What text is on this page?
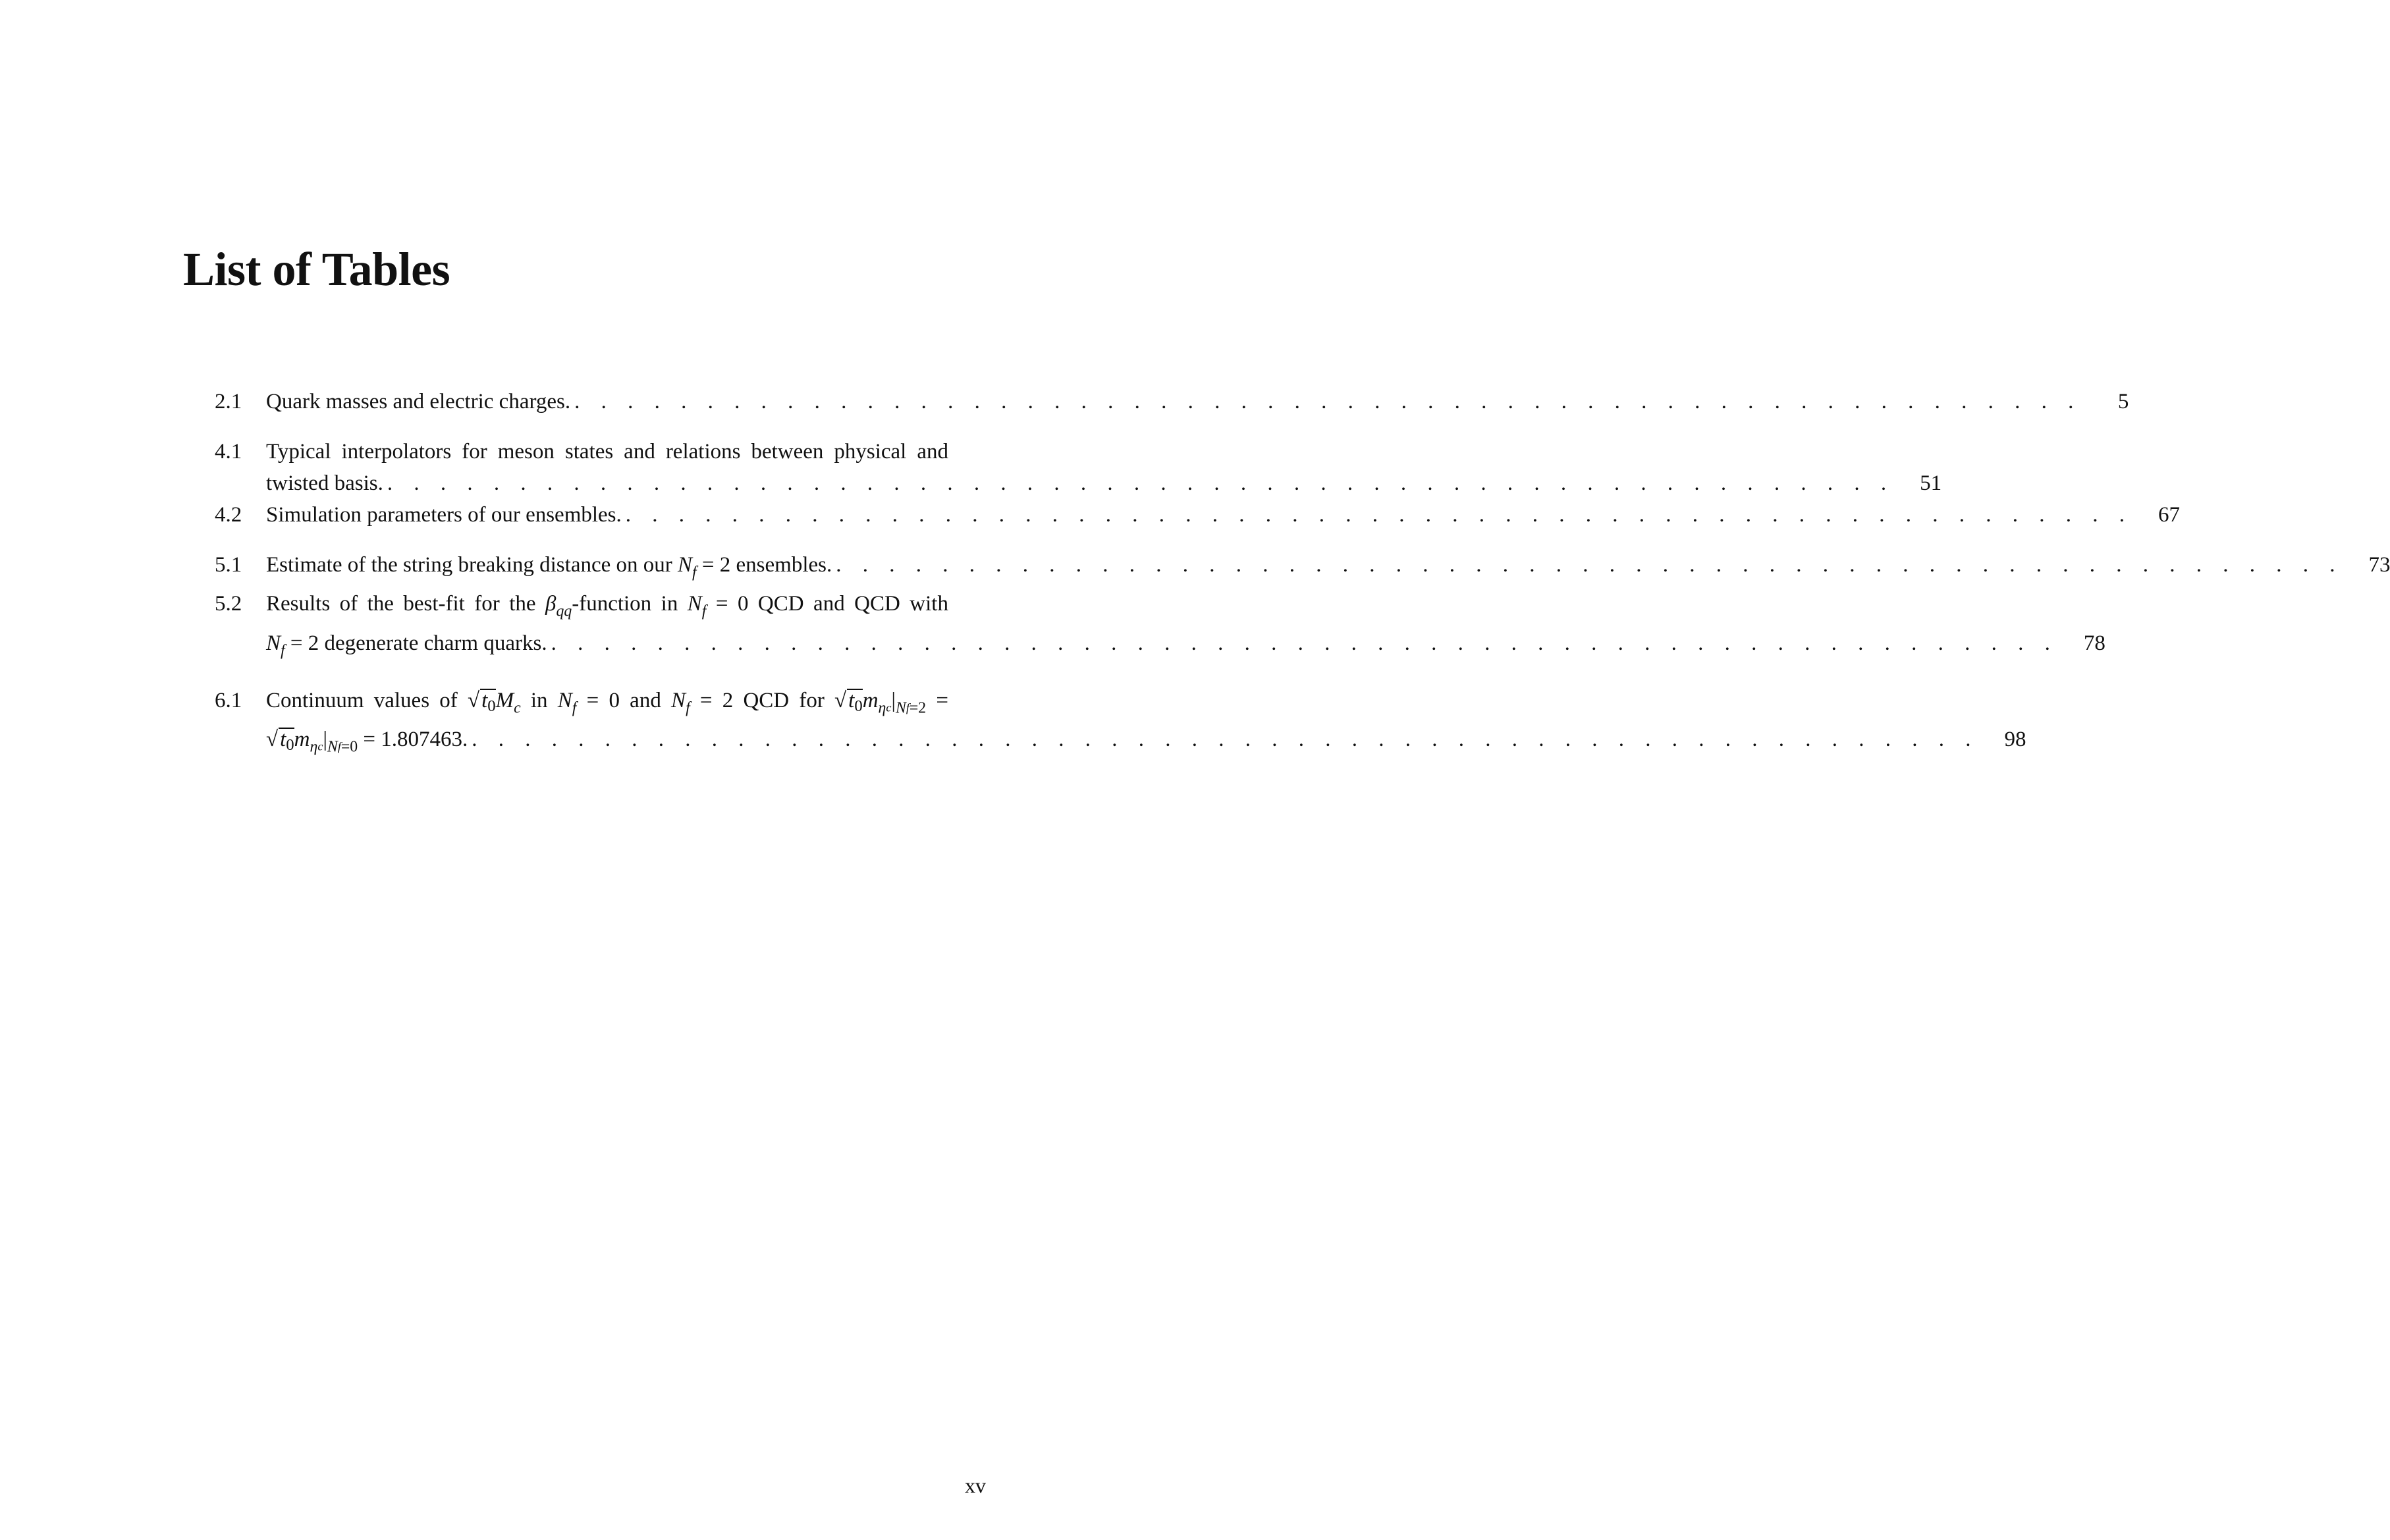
List of Tables
2.1	Quark masses and electric charges. . . . . . . . . . . . . . . . . . . . . . . . . . . . . . . . . . . . . . . . . . . . . . . . . . . . . . . . . .	5
4.1	Typical interpolators for meson states and relations between physical and
twisted basis. . . . . . . . . . . . . . . . . . . . . . . . . . . . . . . . . . . . . . . . . . . . . . . . . . . . . . . . . .	51
4.2	Simulation parameters of our ensembles. . . . . . . . . . . . . . . . . . . . . . . . . . . . . . . . . . . . . . . . . . . . . . . . . . . . . . . . . .	67
5.1	Estimate of the string breaking distance on our $N_f = 2$ ensembles. . . . . . . . . . . . . . . . . . . . . . . . . . . . . . . . . . . . . . . . . . . . . . . . . . . . . . . . . .	73
5.2	Results of the best-fit for the $\beta_{qq}$-function in $N_f = 0$ QCD and QCD with
$N_f = 2$ degenerate charm quarks. . . . . . . . . . . . . . . . . . . . . . . . . . . . . . . . . . . . . . . . . . . . . . . . . . . . . . . . . .	78
6.1	Continuum values of $√t0M_c$ in $N_f = 0$ and $N_f = 2$ QCD for $√t0m_{\eta c}|_{Nf=2}$ =
$√t0m_{\eta c}|_{Nf=0} = 1.807463$. . . . . . . . . . . . . . . . . . . . . . . . . . . . . . . . . . . . . . . . . . . . . . . . . . . . . . . . . .	98
xv
